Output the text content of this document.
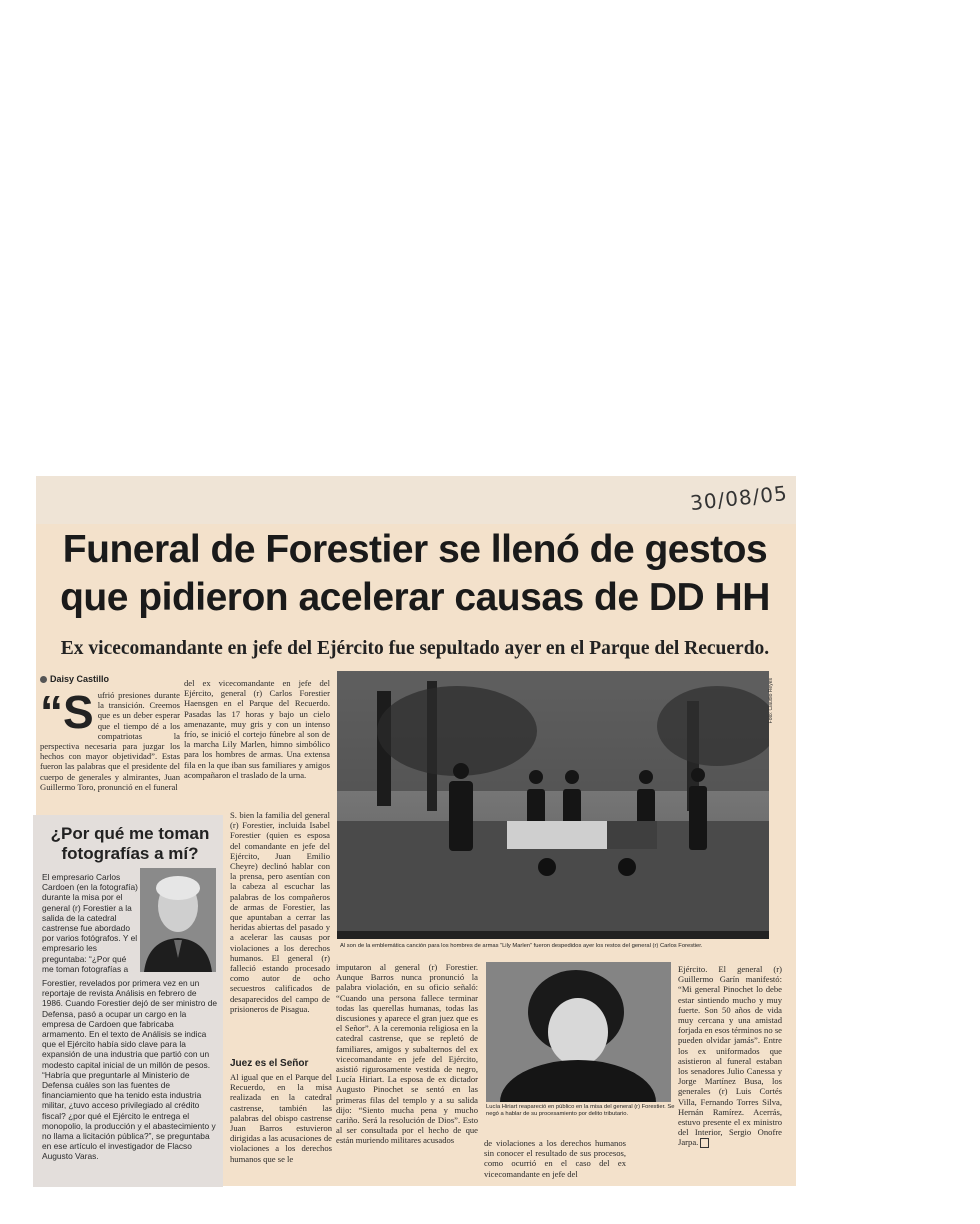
30/08/05
Funeral de Forestier se llenó de gestos que pidieron acelerar causas de DD HH
Ex vicecomandante en jefe del Ejército fue sepultado ayer en el Parque del Recuerdo.
Daisy Castillo
“S ufrió presiones durante la transición. Creemos que es un deber esperar que el tiempo dé a los compatriotas la perspectiva necesaria para juzgar los hechos con mayor objetividad”. Estas fueron las palabras que el presidente del cuerpo de generales y almirantes, Juan Guillermo Toro, pronunció en el funeral
del ex vicecomandante en jefe del Ejército, general (r) Carlos Forestier Haensgen en el Parque del Recuerdo. Pasadas las 17 horas y bajo un cielo amenazante, muy gris y con un intenso frío, se inició el cortejo fúnebre al son de la marcha Lily Marlen, himno simbólico para los hombres de armas. Una extensa fila en la que iban sus familiares y amigos acompañaron el traslado de la urna.
S. bien la familia del general (r) Forestier, incluida Isabel Forestier (quien es esposa del comandante en jefe del Ejército, Juan Emilio Cheyre) declinó hablar con la prensa, pero asentían con la cabeza al escuchar las palabras de los compañeros de armas de Forestier, las que apuntaban a cerrar las heridas abiertas del pasado y a acelerar las causas por violaciones a los derechos humanos. El general (r) falleció estando procesado como autor de ocho secuestros calificados de desaparecidos del campo de prisioneros de Pisagua.
Juez es el Señor
Al igual que en el Parque del Recuerdo, en la misa realizada en la catedral castrense, también las palabras del obispo castrense Juan Barros estuvieron dirigidas a las acusaciones de violaciones a los derechos humanos que se le
imputaron al general (r) Forestier. Aunque Barros nunca pronunció la palabra violación, en su oficio señaló: “Cuando una persona fallece terminar todas las querellas humanas, todas las discusiones y aparece el gran juez que es el Señor”. A la ceremonia religiosa en la catedral castrense, que se repletó de familiares, amigos y subalternos del ex vicecomandante en jefe del Ejército, asistió rigurosamente vestida de negro, Lucía Hiriart. La esposa de ex dictador Augusto Pinochet se sentó en las primeras filas del templo y a su salida dijo: “Siento mucha pena y mucho cariño. Será la resolución de Dios”. Esto al ser consultada por el hecho de que están muriendo militares acusados	de violaciones a los derechos humanos sin conocer el resultado de sus procesos, como ocurrió en el caso del ex vicecomandante en jefe del
Ejército. El general (r) Guillermo Garín manifestó: “Mi general Pinochet lo debe estar sintiendo mucho y muy fuerte. Son 50 años de vida muy cercana y una amistad forjada en esos términos no se pueden olvidar jamás”. Entre los ex uniformados que asistieron al funeral estaban los senadores Julio Canessa y Jorge Martínez Busa, los generales (r) Luis Cortés Villa, Fernando Torres Silva, Hernán Ramírez. Acerrás, estuvo presente el ex ministro del Interior, Sergio Onofre Jarpa.
Foto: Claudio Reyes
Al son de la emblemática canción para los hombres de armas “Lily Marlen” fueron despedidos ayer los restos del general (r) Carlos Forestier.
Lucía Hiriart reapareció en público en la misa del general (r) Forestier. Se negó a hablar de su procesamiento por delito tributario.
¿Por qué me toman fotografías a mí?
El empresario Carlos Cardoen (en la fotografía) durante la misa por el general (r) Forestier a la salida de la catedral castrense fue abordado por varios fotógrafos. Y el empresario les preguntaba: “¿Por qué me toman fotografías a
Forestier, revelados por primera vez en un reportaje de revista Análisis en febrero de 1986. Cuando Forestier dejó de ser ministro de Defensa, pasó a ocupar un cargo en la empresa de Cardoen que fabricaba armamento. En el texto de Análisis se indica que el Ejército había sido clave para la expansión de una industria que partió con un modesto capital inicial de un millón de pesos. “Habría que preguntarle al Ministerio de Defensa cuáles son las fuentes de financiamiento que ha tenido esta industria militar, ¿tuvo acceso privilegiado al crédito fiscal? ¿por qué el Ejército le entrega el monopolio, la producción y el abastecimiento y no llama a licitación pública?”, se preguntaba en ese artículo el investigador de Flacso Augusto Varas.
